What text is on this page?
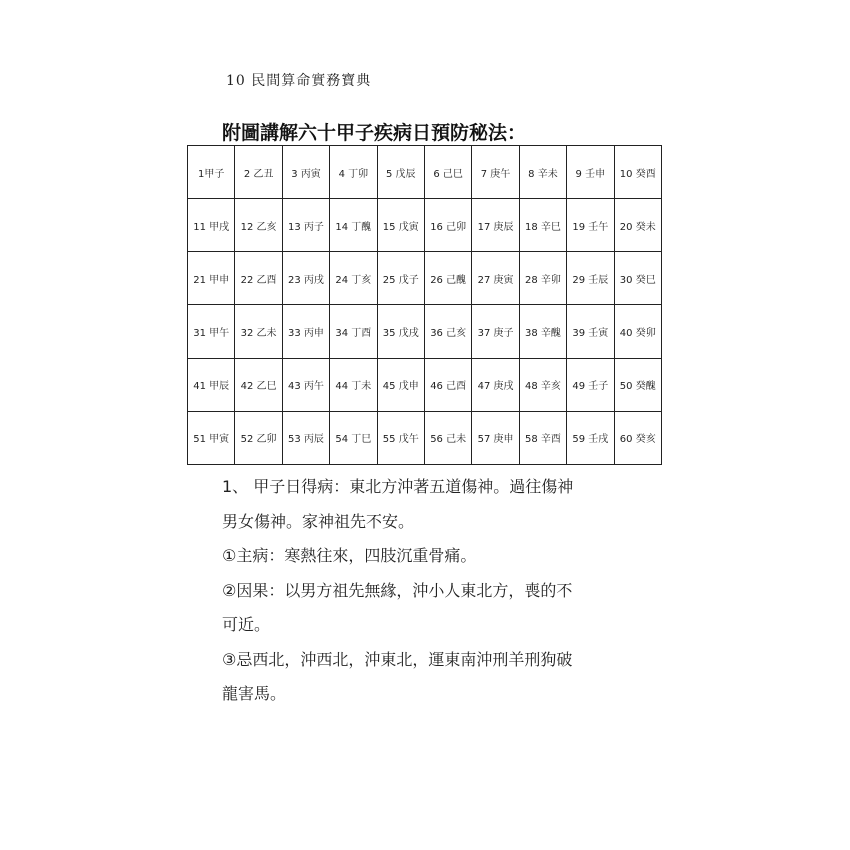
10 民間算命實務寶典
附圖講解六十甲子疾病日預防秘法：
1甲子	2 乙丑	3 丙寅	4 丁卯	5 戊辰	6 己巳	7 庚午	8 辛未	9 壬申	10 癸酉
11 甲戌	12 乙亥	13 丙子	14 丁醜	15 戊寅	16 己卯	17 庚辰	18 辛巳	19 壬午	20 癸未
21 甲申	22 乙酉	23 丙戌	24 丁亥	25 戊子	26 己醜	27 庚寅	28 辛卯	29 壬辰	30 癸巳
31 甲午	32 乙未	33 丙申	34 丁酉	35 戊戌	36 己亥	37 庚子	38 辛醜	39 壬寅	40 癸卯
41 甲辰	42 乙巳	43 丙午	44 丁未	45 戊申	46 己酉	47 庚戌	48 辛亥	49 壬子	50 癸醜
51 甲寅	52 乙卯	53 丙辰	54 丁巳	55 戊午	56 己未	57 庚申	58 辛酉	59 壬戌	60 癸亥

1、 甲子日得病：東北方沖著五道傷神。過往傷神

男女傷神。家神祖先不安。

①主病：寒熱往來，四肢沉重骨痛。

②因果：以男方祖先無緣，沖小人東北方，喪的不

可近。

③忌西北，沖西北，沖東北，運東南沖刑羊刑狗破

龍害馬。
